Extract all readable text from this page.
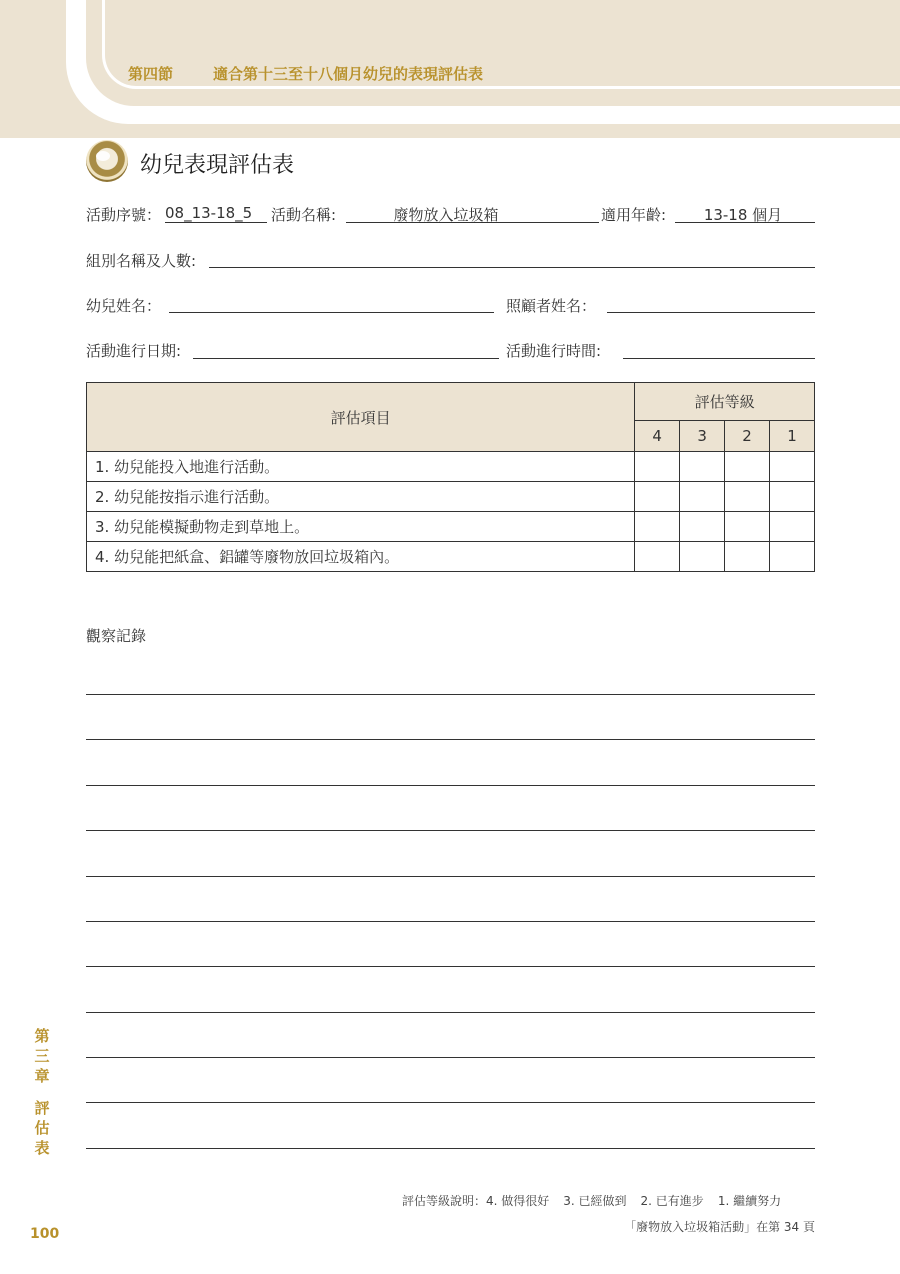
第四節	適合第十三至十八個月幼兒的表現評估表
幼兒表現評估表
活動序號： 08_13-18_5	活動名稱:	廢物放入垃圾箱	適用年齡:	13-18 個月
組別名稱及人數:
幼兒姓名：	照顧者姓名：
活動進行日期:	活動進行時間:
評估項目	評估等級			
	4	3	2	1
1. 幼兒能投入地進行活動。				
2. 幼兒能按指示進行活動。				
3. 幼兒能模擬動物走到草地上。				
4. 幼兒能把紙盒、鋁罐等廢物放回垃圾箱內。				
觀察記錄
第
三
章
評
估
表
100
評估等級說明：4. 做得很好 3. 已經做到 2. 已有進步 1. 繼續努力
「廢物放入垃圾箱活動」在第 34 頁
